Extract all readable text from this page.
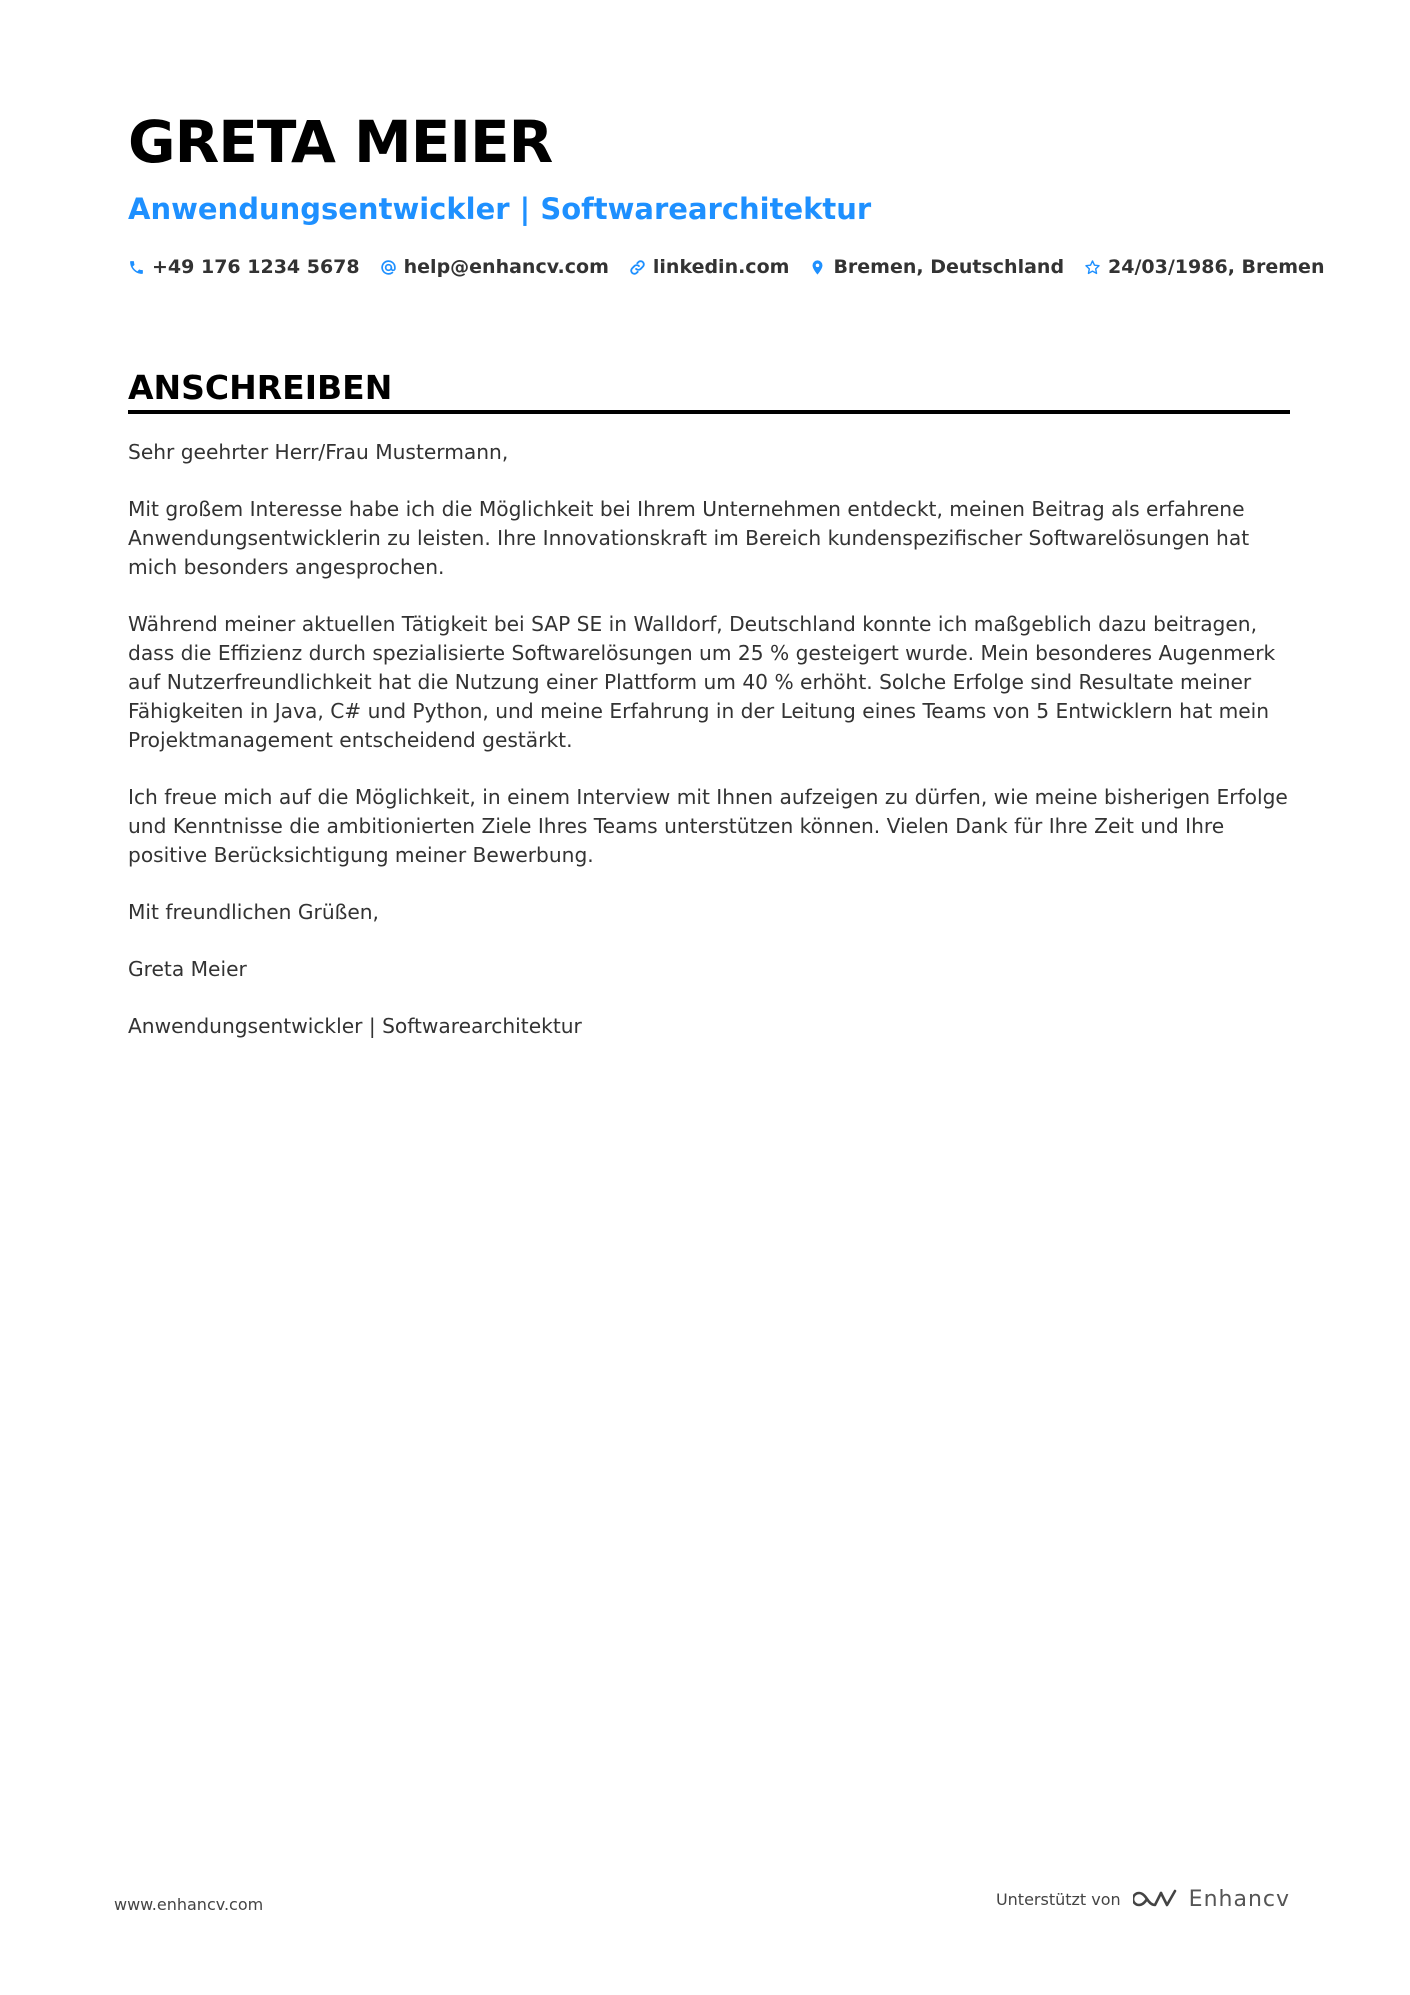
GRETA MEIER
Anwendungsentwickler | Softwarearchitektur
+49 176 1234 5678 help@enhancv.com linkedin.com Bremen, Deutschland 24/03/1986, Bremen
ANSCHREIBEN

Sehr geehrter Herr/Frau Mustermann,

Mit großem Interesse habe ich die Möglichkeit bei Ihrem Unternehmen entdeckt, meinen Beitrag als erfahrene Anwendungsentwicklerin zu leisten. Ihre Innovationskraft im Bereich kundenspezifischer Softwarelösungen hat mich besonders angesprochen.

Während meiner aktuellen Tätigkeit bei SAP SE in Walldorf, Deutschland konnte ich maßgeblich dazu beitragen, dass die Effizienz durch spezialisierte Softwarelösungen um 25 % gesteigert wurde. Mein besonderes Augenmerk auf Nutzerfreundlichkeit hat die Nutzung einer Plattform um 40 % erhöht. Solche Erfolge sind Resultate meiner Fähigkeiten in Java, C# und Python, und meine Erfahrung in der Leitung eines Teams von 5 Entwicklern hat mein Projektmanagement entscheidend gestärkt.

Ich freue mich auf die Möglichkeit, in einem Interview mit Ihnen aufzeigen zu dürfen, wie meine bisherigen Erfolge und Kenntnisse die ambitionierten Ziele Ihres Teams unterstützen können. Vielen Dank für Ihre Zeit und Ihre positive Berücksichtigung meiner Bewerbung.

Mit freundlichen Grüßen,

Greta Meier

Anwendungsentwickler | Softwarearchitektur

www.enhancv.com	Unterstützt von	Enhancv
